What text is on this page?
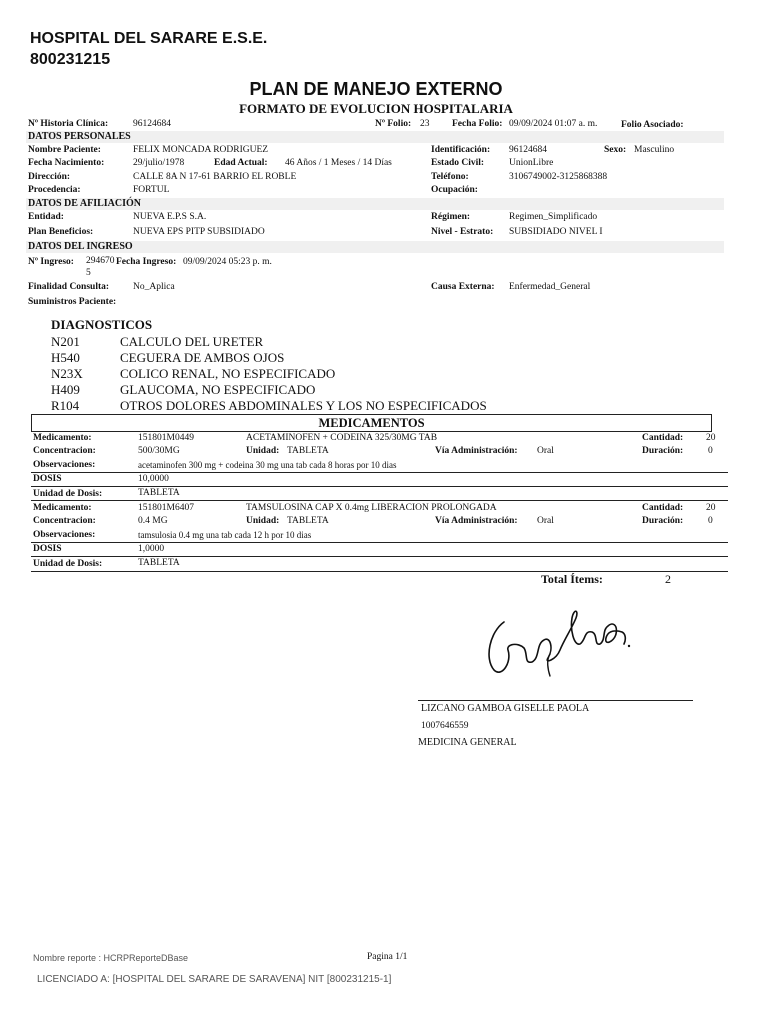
HOSPITAL DEL SARARE E.S.E.
800231215
PLAN DE MANEJO EXTERNO
FORMATO DE EVOLUCION HOSPITALARIA
Nº Historia Clínica:	96124684	Nº Folio: 23 Fecha Folio: 09/09/2024 01:07 a. m. Folio Asociado:
DATOS PERSONALES
Nombre Paciente:	FELIX MONCADA RODRIGUEZ	Identificación: 96124684	Sexo: Masculino
Fecha Nacimiento:	29/julio/1978	Edad Actual: 46 Años / 1 Meses / 14 Días	Estado Civil:	UnionLibre
Dirección:	CALLE 8A N 17-61 BARRIO EL ROBLE	Teléfono:	3106749002-3125868388
Procedencia:	FORTUL	Ocupación:
DATOS DE AFILIACIÓN
Entidad:	NUEVA E.P.S S.A.	Régimen:	Regimen_Simplificado
Plan Beneficios:	NUEVA EPS PITP SUBSIDIADO	Nivel - Estrato: SUBSIDIADO NIVEL I
DATOS DEL INGRESO
Nº Ingreso: 294670
5
Fecha Ingreso: 09/09/2024 05:23 p. m.
Finalidad Consulta:	No_Aplica	Causa Externa: Enfermedad_General
Suministros Paciente:
DIAGNOSTICOS
N201	CALCULO DEL URETER
H540	CEGUERA DE AMBOS OJOS
N23X	COLICO RENAL, NO ESPECIFICADO
H409	GLAUCOMA, NO ESPECIFICADO
R104	OTROS DOLORES ABDOMINALES Y LOS NO ESPECIFICADOS
MEDICAMENTOS
Medicamento:	151801M0449	ACETAMINOFEN + CODEINA 325/30MG TAB	Cantidad: 20
Concentracion:	500/30MG	Unidad: TABLETA	Vía Administración: Oral	Duración:	0
Observaciones:	acetaminofen 300 mg + codeina 30 mg una tab cada 8 horas por 10 dias
DOSIS	10,0000
Unidad de Dosis:	TABLETA
Medicamento:	151801M6407	TAMSULOSINA CAP X 0.4mg LIBERACION PROLONGADA	Cantidad: 20
Concentracion:	0.4 MG	Unidad: TABLETA	Vía Administración: Oral	Duración:	0
Observaciones:	tamsulosia 0.4 mg una tab cada 12 h por 10 dias
DOSIS	1,0000
Unidad de Dosis:	TABLETA
Total Ítems:	2
LIZCANO GAMBOA GISELLE PAOLA
1007646559
MEDICINA GENERAL
Nombre reporte : HCRPReporteDBase	Pagina 1/1
LICENCIADO A: [HOSPITAL DEL SARARE DE SARAVENA] NIT [800231215-1]
